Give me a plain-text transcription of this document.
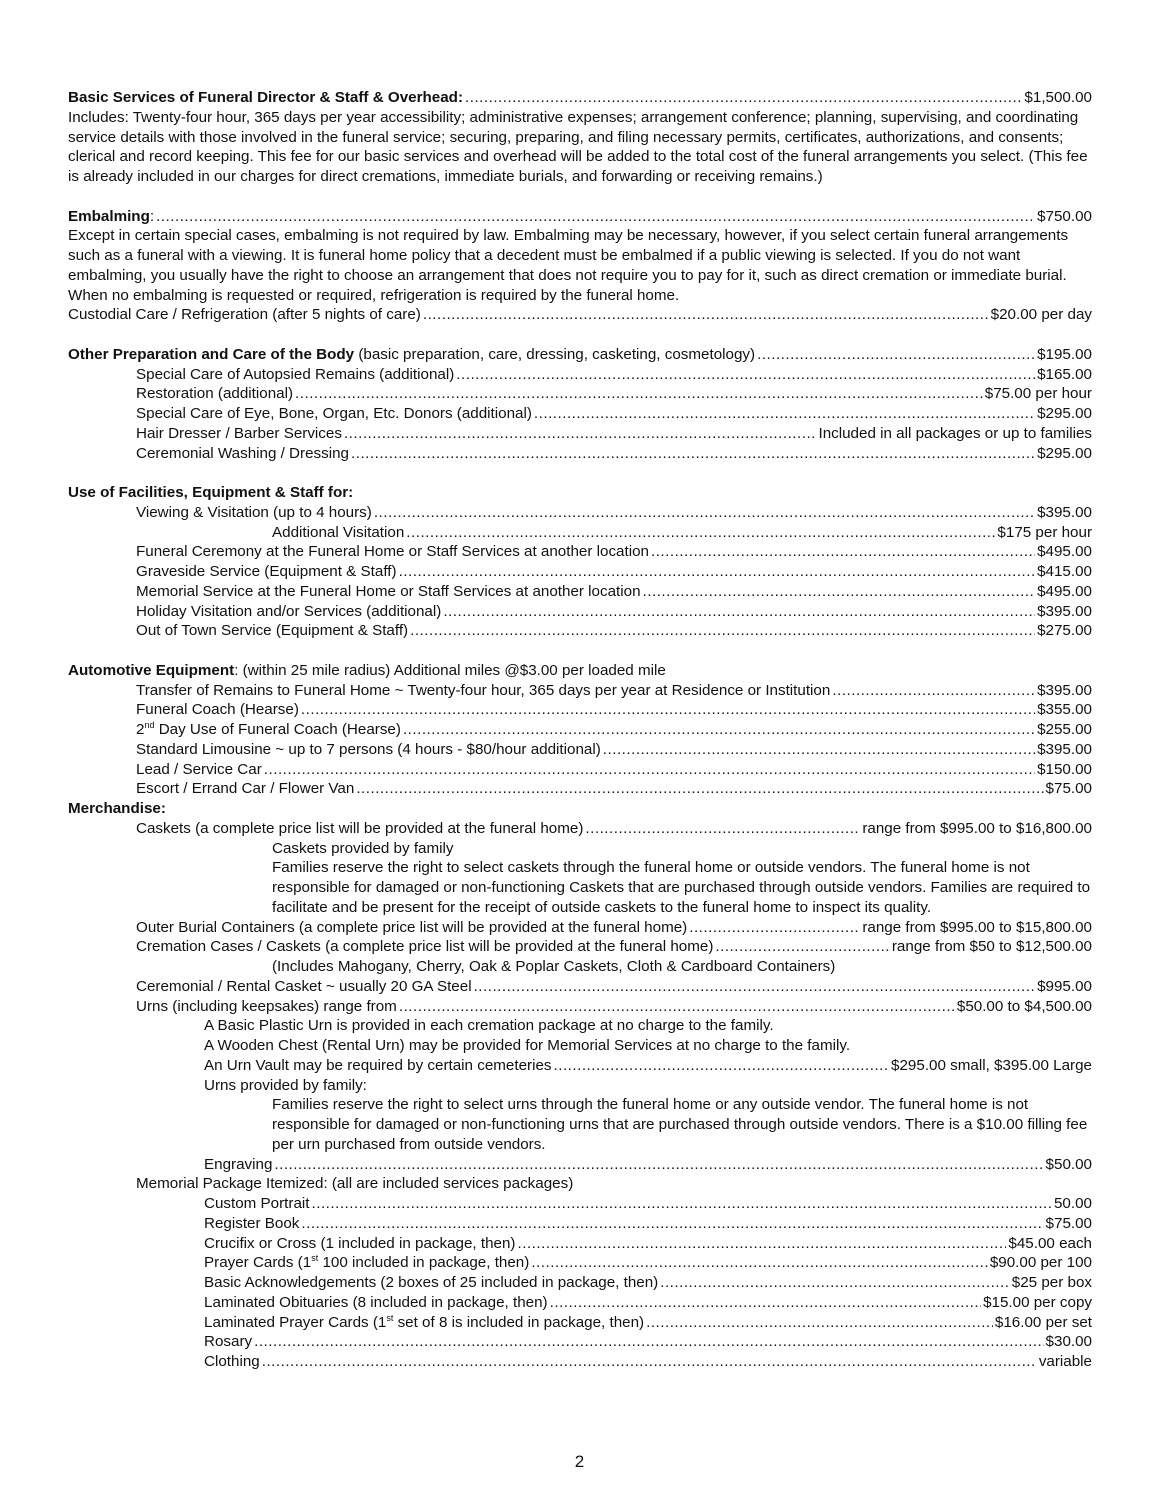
Basic Services of Funeral Director & Staff & Overhead: .....	$1,500.00
Includes: Twenty-four hour, 365 days per year accessibility; administrative expenses; arrangement conference; planning, supervising, and coordinating service details with those involved in the funeral service; securing, preparing, and filing necessary permits, certificates, authorizations, and consents; clerical and record keeping. This fee for our basic services and overhead will be added to the total cost of the funeral arrangements you select. (This fee is already included in our charges for direct cremations, immediate burials, and forwarding or receiving remains.)
Embalming: .....	$750.00
Except in certain special cases, embalming is not required by law. Embalming may be necessary, however, if you select certain funeral arrangements such as a funeral with a viewing. It is funeral home policy that a decedent must be embalmed if a public viewing is selected. If you do not want embalming, you usually have the right to choose an arrangement that does not require you to pay for it, such as direct cremation or immediate burial. When no embalming is requested or required, refrigeration is required by the funeral home.
Custodial Care / Refrigeration (after 5 nights of care) .....	$20.00 per day
Other Preparation and Care of the Body (basic preparation, care, dressing, casketing, cosmetology) .....	$195.00
Special Care of Autopsied Remains (additional) .....	$165.00
Restoration (additional) .....	$75.00 per hour
Special Care of Eye, Bone, Organ, Etc. Donors (additional) .....	$295.00
Hair Dresser / Barber Services .....	Included in all packages or up to families
Ceremonial Washing / Dressing .....	$295.00
Use of Facilities, Equipment & Staff for:
Viewing & Visitation (up to 4 hours) .....	$395.00
Additional Visitation .....	$175 per hour
Funeral Ceremony at the Funeral Home or Staff Services at another location .....	$495.00
Graveside Service (Equipment & Staff) .....	$415.00
Memorial Service at the Funeral Home or Staff Services at another location .....	$495.00
Holiday Visitation and/or Services (additional) .....	$395.00
Out of Town Service (Equipment & Staff) .....	$275.00
Automotive Equipment: (within 25 mile radius) Additional miles @$3.00 per loaded mile
Transfer of Remains to Funeral Home ~ Twenty-four hour, 365 days per year at Residence or Institution .....	$395.00
Funeral Coach (Hearse) .....	$355.00
2nd Day Use of Funeral Coach (Hearse) .....	$255.00
Standard Limousine ~ up to 7 persons (4 hours - $80/hour additional) .....	$395.00
Lead / Service Car .....	$150.00
Escort / Errand Car / Flower Van .....	$75.00
Merchandise:
Caskets (a complete price list will be provided at the funeral home) .....	range from $995.00 to $16,800.00
Caskets provided by family
Families reserve the right to select caskets through the funeral home or outside vendors. The funeral home is not responsible for damaged or non-functioning Caskets that are purchased through outside vendors. Families are required to facilitate and be present for the receipt of outside caskets to the funeral home to inspect its quality.
Outer Burial Containers (a complete price list will be provided at the funeral home) .....	range from $995.00 to $15,800.00
Cremation Cases / Caskets (a complete price list will be provided at the funeral home) .....	range from $50 to $12,500.00
(Includes Mahogany, Cherry, Oak & Poplar Caskets, Cloth & Cardboard Containers)
Ceremonial / Rental Casket ~ usually 20 GA Steel .....	$995.00
Urns (including keepsakes) range from .....	$50.00 to $4,500.00
A Basic Plastic Urn is provided in each cremation package at no charge to the family.
A Wooden Chest (Rental Urn) may be provided for Memorial Services at no charge to the family.
An Urn Vault may be required by certain cemeteries .....	$295.00 small, $395.00 Large
Urns provided by family:
Families reserve the right to select urns through the funeral home or any outside vendor. The funeral home is not responsible for damaged or non-functioning urns that are purchased through outside vendors. There is a $10.00 filling fee per urn purchased from outside vendors.
Engraving .....	$50.00
Memorial Package Itemized: (all are included services packages)
Custom Portrait .....	50.00
Register Book .....	$75.00
Crucifix or Cross (1 included in package, then) .....	$45.00 each
Prayer Cards (1st 100 included in package, then) .....	$90.00 per 100
Basic Acknowledgements (2 boxes of 25 included in package, then) .....	$25 per box
Laminated Obituaries (8 included in package, then) .....	$15.00 per copy
Laminated Prayer Cards (1st set of 8 is included in package, then) .....	$16.00 per set
Rosary .....	$30.00
Clothing .....	variable
2
